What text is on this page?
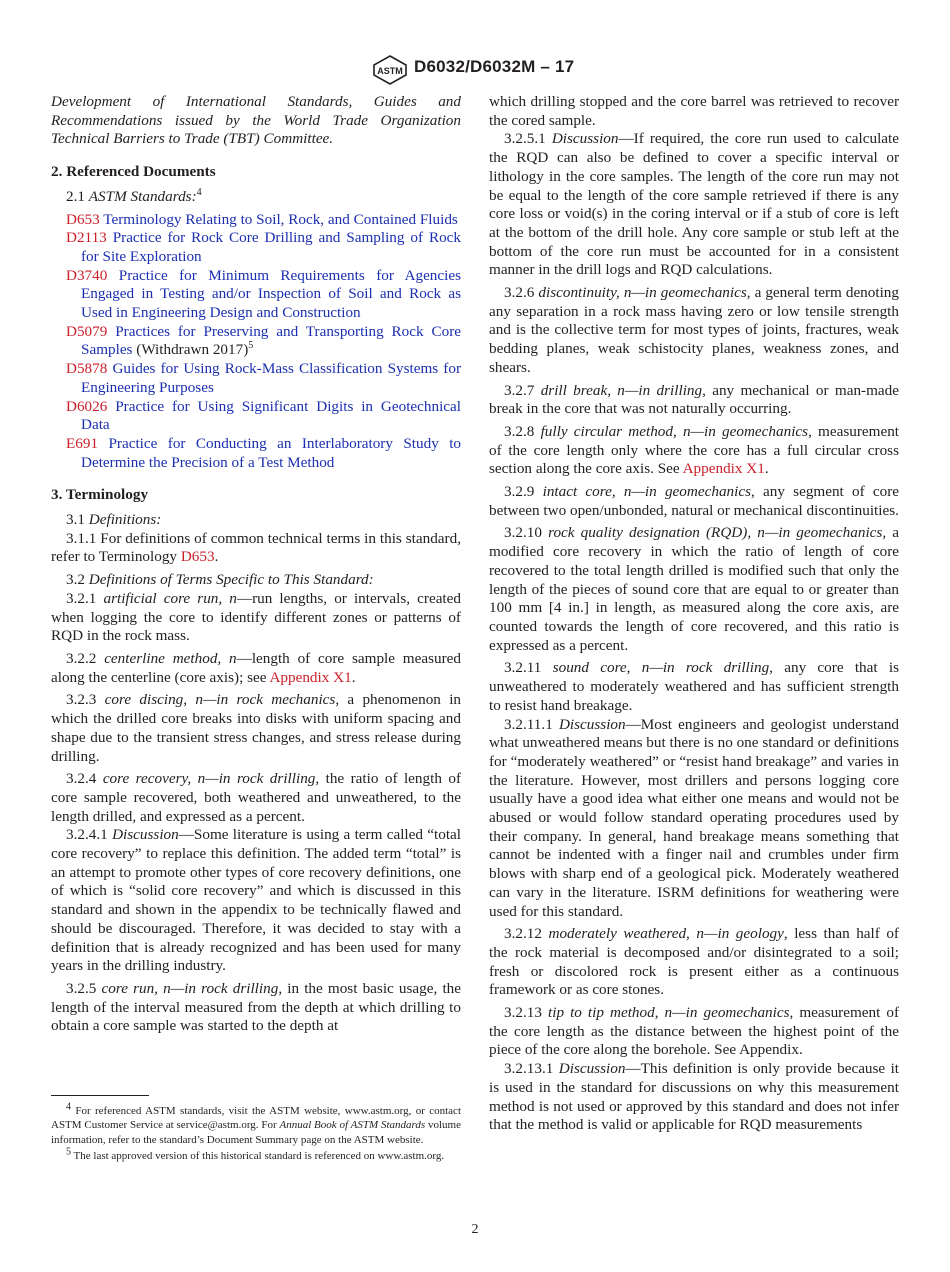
ASTM D6032/D6032M – 17

Development of International Standards, Guides and Recommendations issued by the World Trade Organization Technical Barriers to Trade (TBT) Committee.

2. Referenced Documents

2.1 ASTM Standards:$^4$

D653 Terminology Relating to Soil, Rock, and Contained Fluids

D2113 Practice for Rock Core Drilling and Sampling of Rock for Site Exploration

D3740 Practice for Minimum Requirements for Agencies Engaged in Testing and/or Inspection of Soil and Rock as Used in Engineering Design and Construction

D5079 Practices for Preserving and Transporting Rock Core Samples (Withdrawn 2017)$^5$

D5878 Guides for Using Rock-Mass Classification Systems for Engineering Purposes

D6026 Practice for Using Significant Digits in Geotechnical Data

E691 Practice for Conducting an Interlaboratory Study to Determine the Precision of a Test Method

3. Terminology

3.1 Definitions:

3.1.1 For definitions of common technical terms in this standard, refer to Terminology D653.

3.2 Definitions of Terms Specific to This Standard:

3.2.1 artificial core run, n—run lengths, or intervals, created when logging the core to identify different zones or patterns of RQD in the rock mass.

3.2.2 centerline method, n—length of core sample measured along the centerline (core axis); see Appendix X1.

3.2.3 core discing, n—in rock mechanics, a phenomenon in which the drilled core breaks into disks with uniform spacing and shape due to the transient stress changes, and stress release during drilling.

3.2.4 core recovery, n—in rock drilling, the ratio of length of core sample recovered, both weathered and unweathered, to the length drilled, and expressed as a percent.

3.2.4.1 Discussion—Some literature is using a term called “total core recovery” to replace this definition. The added term “total” is an attempt to promote other types of core recovery definitions, one of which is “solid core recovery” and which is discussed in this standard and shown in the appendix to be technically flawed and should be discouraged. Therefore, it was decided to stay with a definition that is already recognized and has been used for many years in the drilling industry.

3.2.5 core run, n—in rock drilling, in the most basic usage, the length of the interval measured from the depth at which drilling to obtain a core sample was started to the depth at

$^4$ For referenced ASTM standards, visit the ASTM website, www.astm.org, or contact ASTM Customer Service at service@astm.org. For Annual Book of ASTM Standards volume information, refer to the standard’s Document Summary page on the ASTM website.

$^5$ The last approved version of this historical standard is referenced on www.astm.org.

which drilling stopped and the core barrel was retrieved to recover the cored sample.

3.2.5.1 Discussion—If required, the core run used to calculate the RQD can also be defined to cover a specific interval or lithology in the core samples. The length of the core run may not be equal to the length of the core sample retrieved if there is any core loss or void(s) in the coring interval or if a stub of core is left at the bottom of the drill hole. Any core sample or stub left at the bottom of the core run must be accounted for in a consistent manner in the drill logs and RQD calculations.

3.2.6 discontinuity, n—in geomechanics, a general term denoting any separation in a rock mass having zero or low tensile strength and is the collective term for most types of joints, fractures, weak bedding planes, weak schistocity planes, weakness zones, and shears.

3.2.7 drill break, n—in drilling, any mechanical or man-made break in the core that was not naturally occurring.

3.2.8 fully circular method, n—in geomechanics, measurement of the core length only where the core has a full circular cross section along the core axis. See Appendix X1.

3.2.9 intact core, n—in geomechanics, any segment of core between two open/unbonded, natural or mechanical discontinuities.

3.2.10 rock quality designation (RQD), n—in geomechanics, a modified core recovery in which the ratio of length of core recovered to the total length drilled is modified such that only the length of the pieces of sound core that are equal to or greater than 100 mm [4 in.] in length, as measured along the core axis, are counted towards the length of core recovered, and this ratio is expressed as a percent.

3.2.11 sound core, n—in rock drilling, any core that is unweathered to moderately weathered and has sufficient strength to resist hand breakage.

3.2.11.1 Discussion—Most engineers and geologist understand what unweathered means but there is no one standard or definitions for “moderately weathered” or “resist hand breakage” and varies in the literature. However, most drillers and persons logging core usually have a good idea what either one means and would not be abused or would follow standard operating procedures used by their company. In general, hand breakage means something that cannot be indented with a finger nail and crumbles under firm blows with sharp end of a geological pick. Moderately weathered can vary in the literature. ISRM definitions for weathering were used for this standard.

3.2.12 moderately weathered, n—in geology, less than half of the rock material is decomposed and/or disintegrated to a soil; fresh or discolored rock is present either as a continuous framework or as core stones.

3.2.13 tip to tip method, n—in geomechanics, measurement of the core length as the distance between the highest point of the piece of the core along the borehole. See Appendix.

3.2.13.1 Discussion—This definition is only provide because it is used in the standard for discussions on why this measurement method is not used or approved by this standard and does not infer that the method is valid or applicable for RQD measurements

2
